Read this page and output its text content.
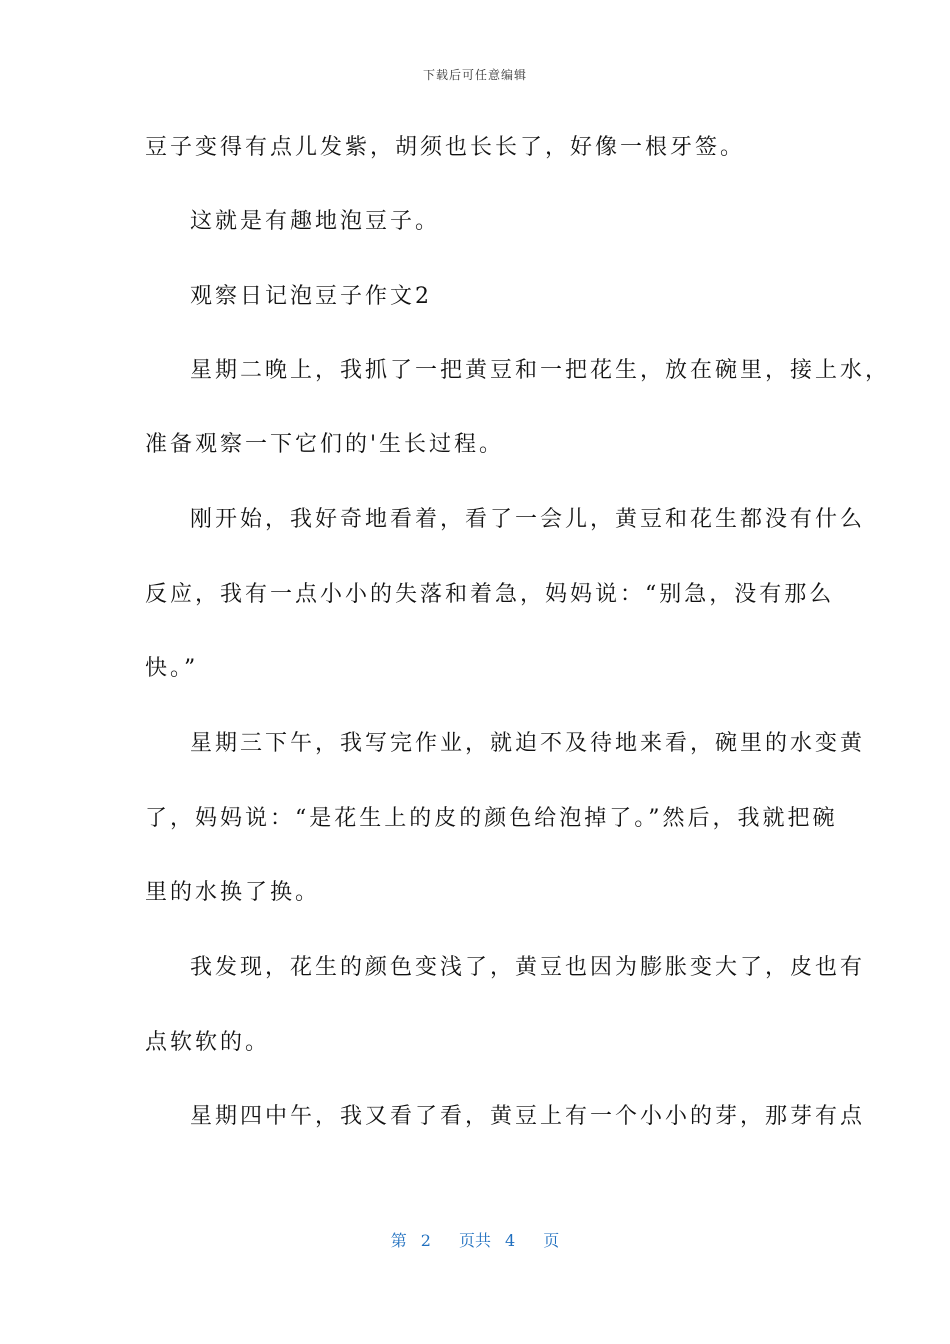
下载后可任意编辑
豆子变得有点儿发紫，胡须也长长了，好像一根牙签。
这就是有趣地泡豆子。
观察日记泡豆子作文2
星期二晚上，我抓了一把黄豆和一把花生，放在碗里，接上水，
准备观察一下它们的'生长过程。
刚开始，我好奇地看着，看了一会儿，黄豆和花生都没有什么
反应，我有一点小小的失落和着急，妈妈说：“别急，没有那么
快。”
星期三下午，我写完作业，就迫不及待地来看，碗里的水变黄
了，妈妈说：“是花生上的皮的颜色给泡掉了。”然后，我就把碗
里的水换了换。
我发现，花生的颜色变浅了，黄豆也因为膨胀变大了，皮也有
点软软的。
星期四中午，我又看了看，黄豆上有一个小小的芽，那芽有点
第 2 页共 4 页
